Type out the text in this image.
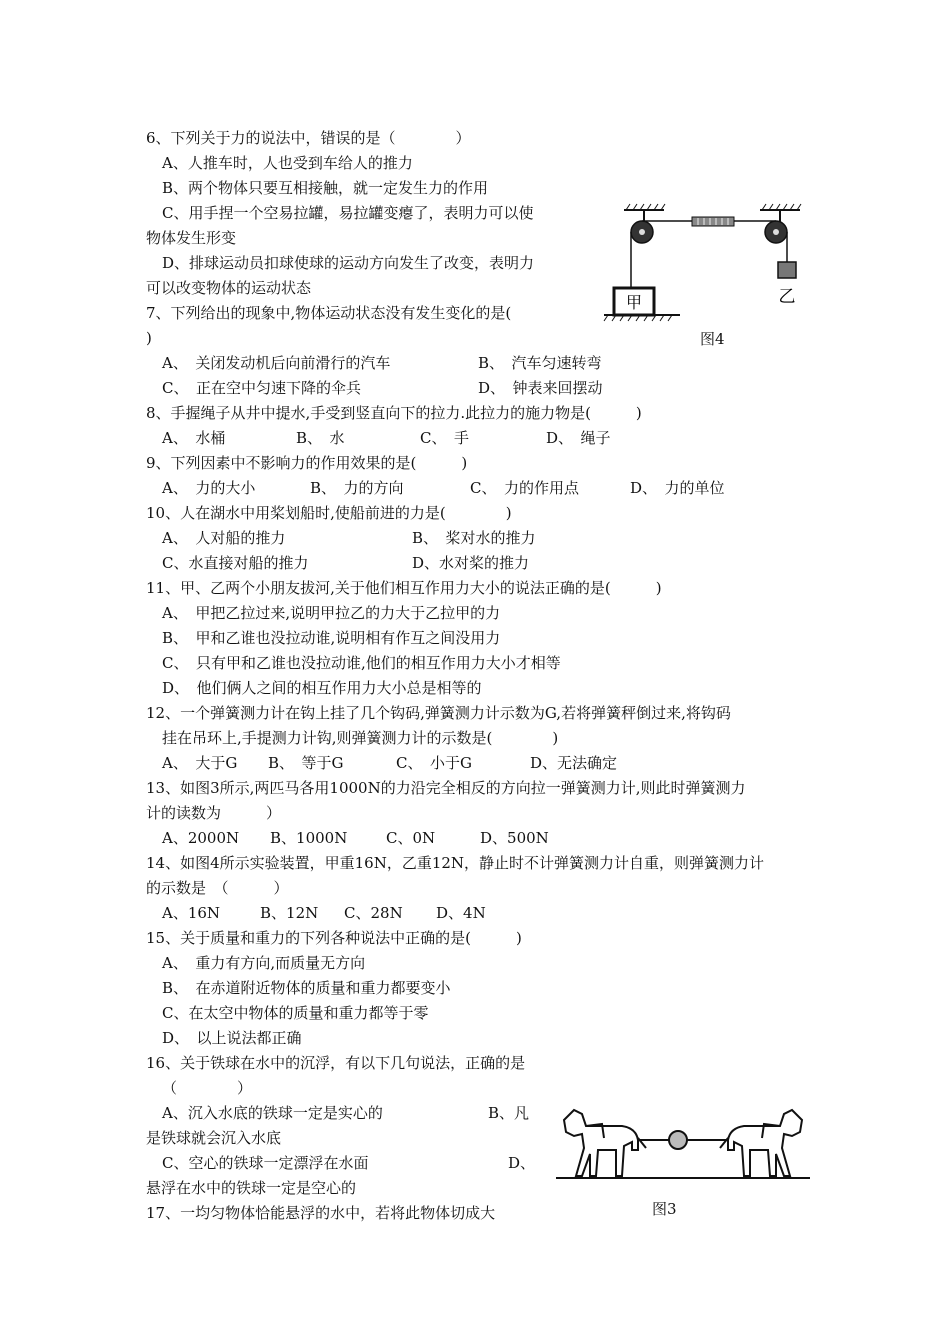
6、下列关于力的说法中，错误的是（　　　　）
A、人推车时，人也受到车给人的推力
B、两个物体只要互相接触，就一定发生力的作用
C、用手捏一个空易拉罐，易拉罐变瘪了，表明力可以使
物体发生形变
D、排球运动员扣球使球的运动方向发生了改变，表明力
可以改变物体的运动状态
7、下列给出的现象中,物体运动状态没有发生变化的是(
)
A、　关闭发动机后向前滑行的汽车	B、　汽车匀速转弯
C、　正在空中匀速下降的伞兵	D、　钟表来回摆动
8、手握绳子从井中提水,手受到竖直向下的拉力.此拉力的施力物是(　　　)
A、　水桶	B、　水	C、　手	D、　绳子
9、下列因素中不影响力的作用效果的是(　　　)
A、　力的大小	B、　力的方向	C、　力的作用点	D、　力的单位
10、人在湖水中用桨划船时,使船前进的力是(　　　　)
A、　人对船的推力	B、　桨对水的推力
C、水直接对船的推力	D、水对桨的推力
11、甲、乙两个小朋友拔河,关于他们相互作用力大小的说法正确的是(　　　)
A、　甲把乙拉过来,说明甲拉乙的力大于乙拉甲的力
B、　甲和乙谁也没拉动谁,说明相有作互之间没用力
C、　只有甲和乙谁也没拉动谁,他们的相互作用力大小才相等
D、　他们俩人之间的相互作用力大小总是相等的
12、一个弹簧测力计在钩上挂了几个钩码,弹簧测力计示数为G,若将弹簧秤倒过来,将钩码
挂在吊环上,手提测力计钩,则弹簧测力计的示数是(　　　　)
A、　大于G B、　等于G	C、　小于G	D、无法确定
13、如图3所示,两匹马各用1000N的力沿完全相反的方向拉一弹簧测力计,则此时弹簧测力
计的读数为　　　）
A、2000N B、1000N	C、0N	D、500N
14、如图4所示实验装置，甲重16N，乙重12N，静止时不计弹簧测力计自重，则弹簧测力计
的示数是　（　　　）
A、16N	B、12N C、28N D、4N
15、关于质量和重力的下列各种说法中正确的是(　　　)
A、　重力有方向,而质量无方向
B、　在赤道附近物体的质量和重力都要变小
C、在太空中物体的质量和重力都等于零
D、　以上说法都正确
16、关于铁球在水中的沉浮，有以下几句说法，正确的是
（　　　　）
A、沉入水底的铁球一定是实心的	B、凡
是铁球就会沉入水底
C、空心的铁球一定漂浮在水面	D、
悬浮在水中的铁球一定是空心的
17、一均匀物体恰能悬浮的水中，若将此物体切成大
甲	乙
图4
图3
